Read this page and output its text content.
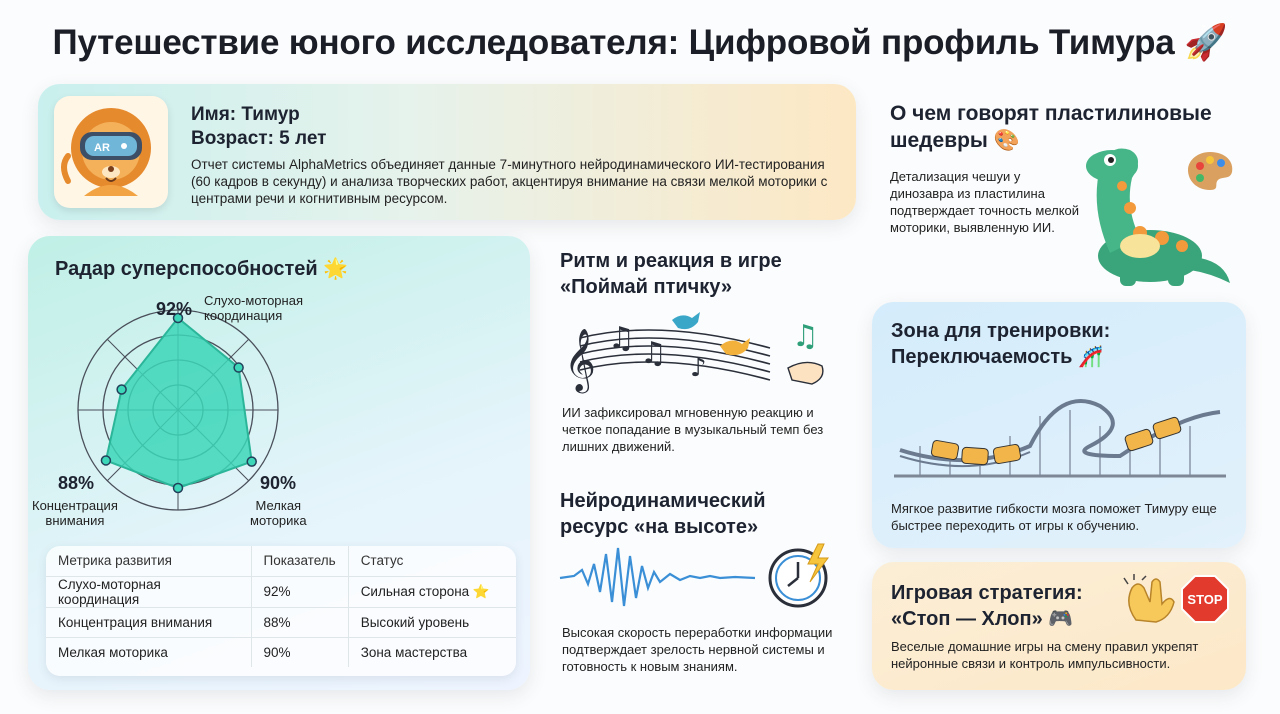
Путешествие юного исследователя: Цифровой профиль Тимура 🚀
AR
Имя: Тимур
Возраст: 5 лет
Отчет системы AlphaMetrics объединяет данные 7-минутного нейродинамического ИИ-тестирования (60 кадров в секунду) и анализа творческих работ, акцентируя внимание на связи мелкой моторики с центрами речи и когнитивным ресурсом.
О чем говорят пластилиновые шедевры 🎨
Детализация чешуи у динозавра из пластилина подтверждает точность мелкой моторики, выявленную ИИ.
Радар суперспособностей 🌟
92% Слухо-моторная
координация
90%
Мелкая
моторика
88%
Концентрация
внимания
Метрика развития	Показатель	Статус
Слухо-моторная координация	92%	Сильная сторона ⭐
Концентрация внимания	88%	Высокий уровень
Мелкая моторика	90%	Зона мастерства
Ритм и реакция в игре
«Поймай птичку»
𝄞 ♫ ♫ ♪
♫
ИИ зафиксировал мгновенную реакцию и четкое попадание в музыкальный темп без лишних движений.
Нейродинамический
ресурс «на высоте»
Высокая скорость переработки информации подтверждает зрелость нервной системы и готовность к новым знаниям.
Зона для тренировки:
Переключаемость 🎢
Мягкое развитие гибкости мозга поможет Тимуру еще быстрее переходить от игры к обучению.
Игровая стратегия:
«Стоп — Хлоп» 🎮
STOP
Веселые домашние игры на смену правил укрепят нейронные связи и контроль импульсивности.
